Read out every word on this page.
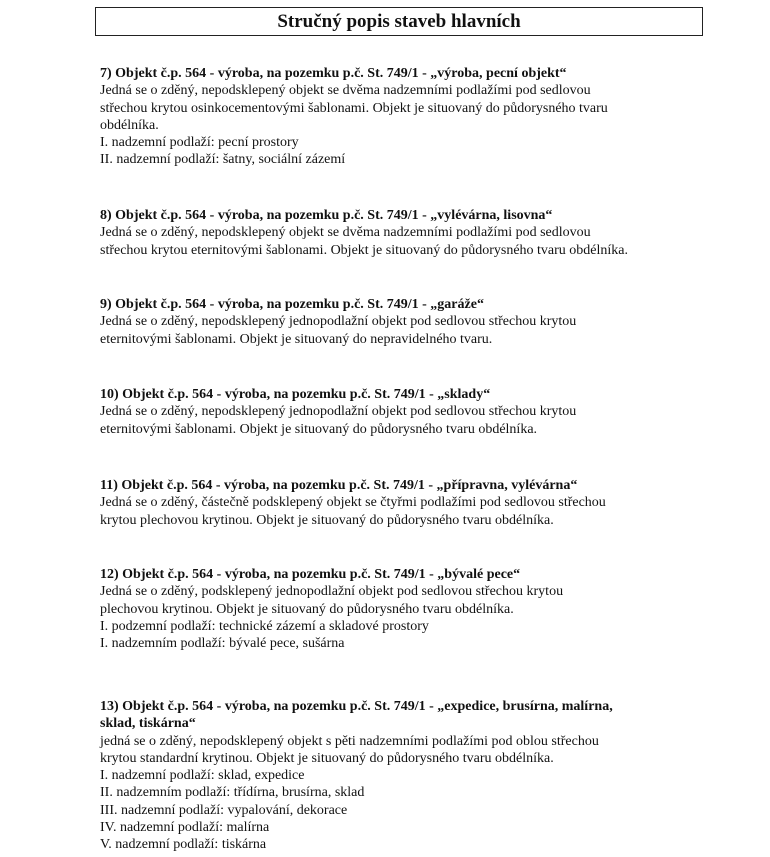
Stručný popis staveb hlavních
7) Objekt č.p. 564 - výroba, na pozemku p.č. St. 749/1 - „výroba, pecní objekt“
Jedná se o zděný, nepodsklepený objekt se dvěma nadzemními podlažími pod sedlovou
střechou krytou osinkocementovými šablonami. Objekt je situovaný do půdorysného tvaru
obdélníka.
I. nadzemní podlaží: pecní prostory
II. nadzemní podlaží: šatny, sociální zázemí
8) Objekt č.p. 564 - výroba, na pozemku p.č. St. 749/1 - „vylévárna, lisovna“
Jedná se o zděný, nepodsklepený objekt se dvěma nadzemními podlažími pod sedlovou
střechou krytou eternitovými šablonami. Objekt je situovaný do půdorysného tvaru obdélníka.
9) Objekt č.p. 564 - výroba, na pozemku p.č. St. 749/1 - „garáže“
Jedná se o zděný, nepodsklepený jednopodlažní objekt pod sedlovou střechou krytou
eternitovými šablonami. Objekt je situovaný do nepravidelného tvaru.
10) Objekt č.p. 564 - výroba, na pozemku p.č. St. 749/1 - „sklady“
Jedná se o zděný, nepodsklepený jednopodlažní objekt pod sedlovou střechou krytou
eternitovými šablonami. Objekt je situovaný do půdorysného tvaru obdélníka.
11) Objekt č.p. 564 - výroba, na pozemku p.č. St. 749/1 - „přípravna, vylévárna“
Jedná se o zděný, částečně podsklepený objekt se čtyřmi podlažími pod sedlovou střechou
krytou plechovou krytinou. Objekt je situovaný do půdorysného tvaru obdélníka.
12) Objekt č.p. 564 - výroba, na pozemku p.č. St. 749/1 - „bývalé pece“
Jedná se o zděný, podsklepený jednopodlažní objekt pod sedlovou střechou krytou
plechovou krytinou. Objekt je situovaný do půdorysného tvaru obdélníka.
I. podzemní podlaží: technické zázemí a skladové prostory
I. nadzemním podlaží: bývalé pece, sušárna
13) Objekt č.p. 564 - výroba, na pozemku p.č. St. 749/1 - „expedice, brusírna, malírna, sklad, tiskárna“
jedná se o zděný, nepodsklepený objekt s pěti nadzemními podlažími pod oblou střechou
krytou standardní krytinou. Objekt je situovaný do půdorysného tvaru obdélníka.
I. nadzemní podlaží: sklad, expedice
II. nadzemním podlaží: třídírna, brusírna, sklad
III. nadzemní podlaží: vypalování, dekorace
IV. nadzemní podlaží: malírna
V. nadzemní podlaží: tiskárna
